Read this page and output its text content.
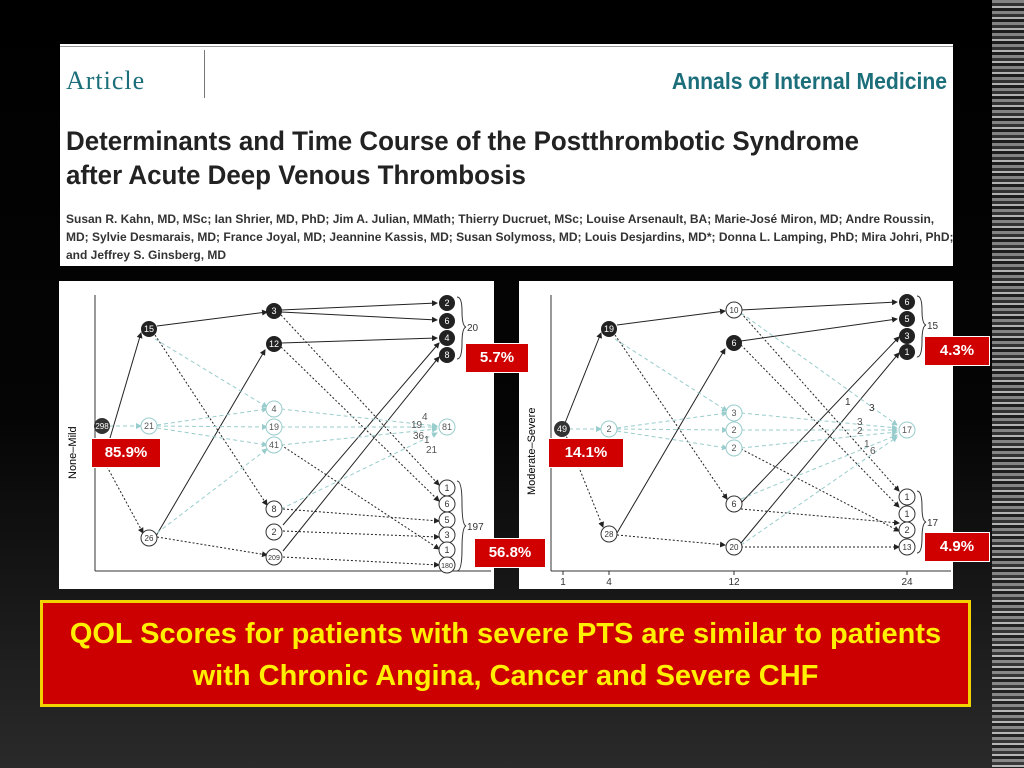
Article	Annals of Internal Medicine
Determinants and Time Course of the Postthrombotic Syndrome after Acute Deep Venous Thrombosis
Susan R. Kahn, MD, MSc; Ian Shrier, MD, PhD; Jim A. Julian, MMath; Thierry Ducruet, MSc; Louise Arsenault, BA; Marie-José Miron, MD; Andre Roussin, MD; Sylvie Desmarais, MD; France Joyal, MD; Jeannine Kassis, MD; Susan Solymoss, MD; Louis Desjardins, MD*; Donna L. Lamping, PhD; Mira Johri, PhD; and Jeffrey S. Ginsberg, MD
None–Mild 298
15
21
26
3
12
4
19
41
8
2
209
2
6
4
8
20
81
19
4
36 1
21
1
6
5
3
1
180
197
1	4	12	24
Moderate–Severe 49
19
2
28
10
6
3
2
2
6
20
6
5
3
1
15
17
1
3
3
2
1
6
1
1
2
13
17
5.7%
85.9%
56.8%
4.3%
14.1%
4.9%
QOL Scores for patients with severe PTS are similar to patients with Chronic Angina, Cancer and Severe CHF
